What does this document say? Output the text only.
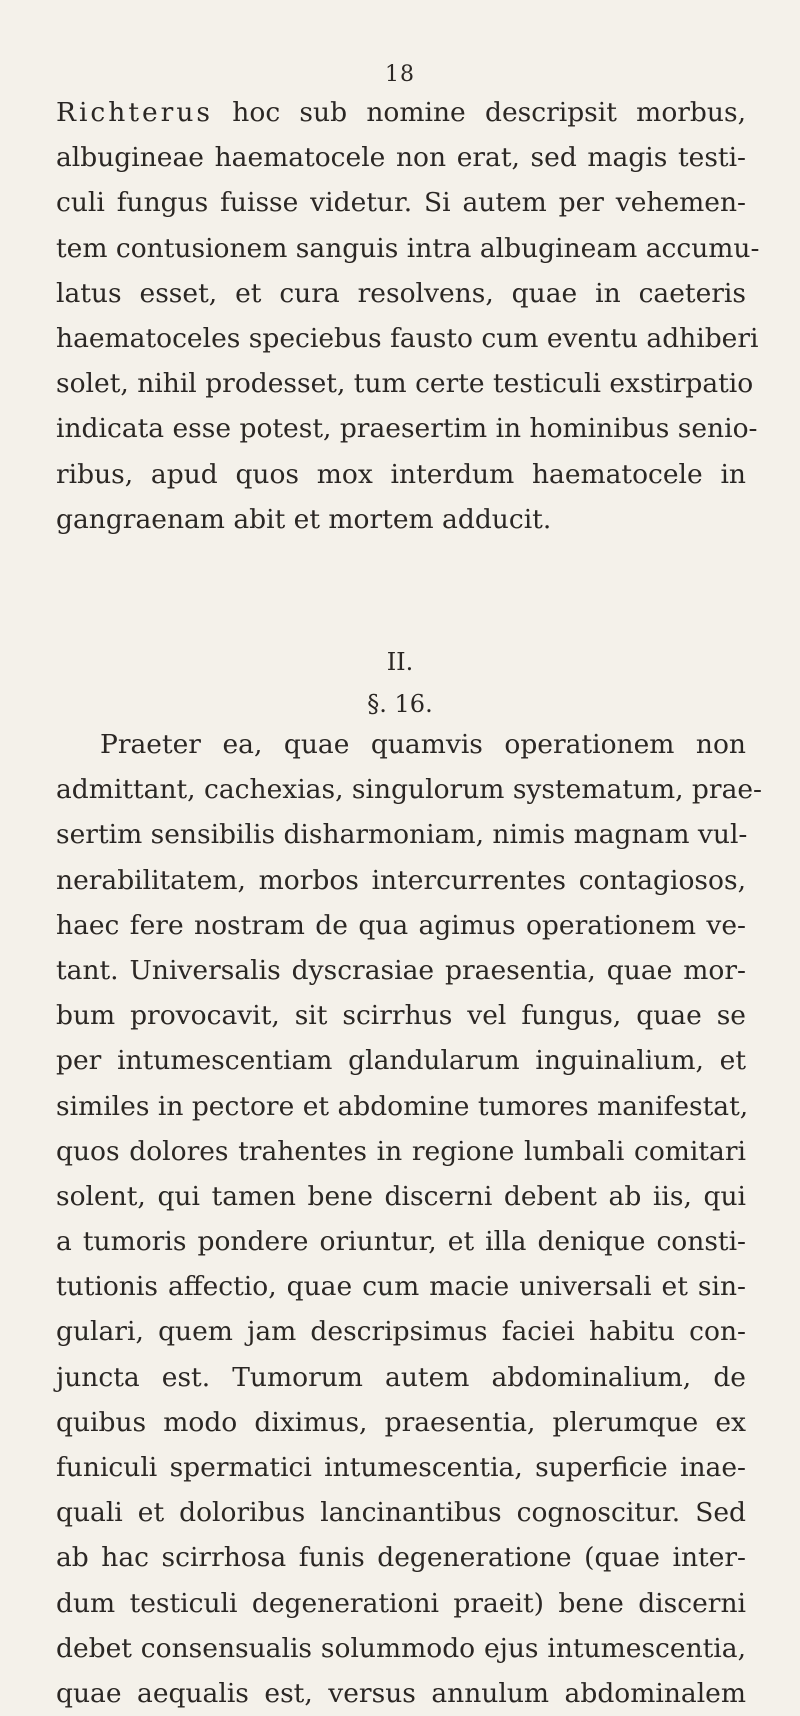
18
Richterus hoc sub nomine descripsit morbus,
albugineae haematocele non erat, sed magis testi-
culi fungus fuisse videtur. Si autem per vehemen-
tem contusionem sanguis intra albugineam accumu-
latus esset, et cura resolvens, quae in caeteris
haematoceles speciebus fausto cum eventu adhiberi
solet, nihil prodesset, tum certe testiculi exstirpatio
indicata esse potest, praesertim in hominibus senio-
ribus, apud quos mox interdum haematocele in
gangraenam abit et mortem adducit.
II.
§. 16.
Praeter ea, quae quamvis operationem non
admittant, cachexias, singulorum systematum, prae-
sertim sensibilis disharmoniam, nimis magnam vul-
nerabilitatem, morbos intercurrentes contagiosos,
haec fere nostram de qua agimus operationem ve-
tant. Universalis dyscrasiae praesentia, quae mor-
bum provocavit, sit scirrhus vel fungus, quae se
per intumescentiam glandularum inguinalium, et
similes in pectore et abdomine tumores manifestat,
quos dolores trahentes in regione lumbali comitari
solent, qui tamen bene discerni debent ab iis, qui
a tumoris pondere oriuntur, et illa denique consti-
tutionis affectio, quae cum macie universali et sin-
gulari, quem jam descripsimus faciei habitu con-
juncta est. Tumorum autem abdominalium, de
quibus modo diximus, praesentia, plerumque ex
funiculi spermatici intumescentia, superficie inae-
quali et doloribus lancinantibus cognoscitur. Sed
ab hac scirrhosa funis degeneratione (quae inter-
dum testiculi degenerationi praeit) bene discerni
debet consensualis solummodo ejus intumescentia,
quae aequalis est, versus annulum abdominalem
